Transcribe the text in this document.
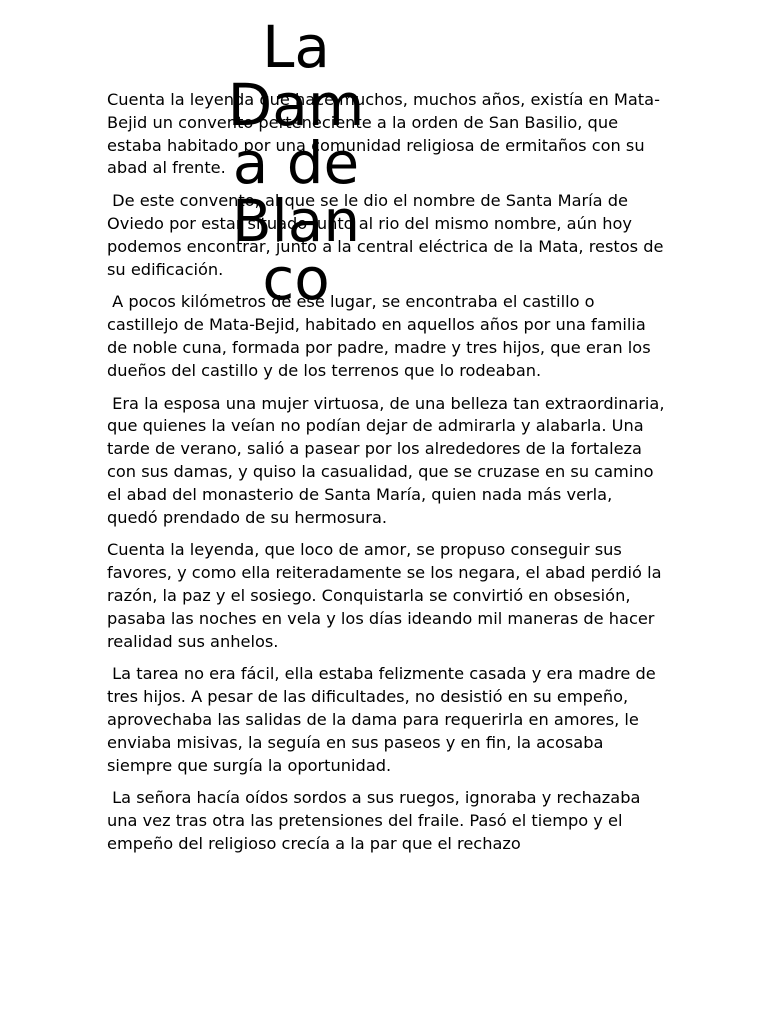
La
Dam
a de
Blan
co

Cuenta la leyenda que hace muchos, muchos años, existía en Mata-Bejid un convento perteneciente a la orden de San Basilio, que estaba habitado por una comunidad religiosa de ermitaños con su abad al frente.

De este convento, al que se le dio el nombre de Santa María de Oviedo por estar situado junto al rio del mismo nombre, aún hoy podemos encontrar, junto a la central eléctrica de la Mata, restos de su edificación.

A pocos kilómetros de ese lugar, se encontraba el castillo o castillejo de Mata-Bejid, habitado en aquellos años por una familia de noble cuna, formada por padre, madre y tres hijos, que eran los dueños del castillo y de los terrenos que lo rodeaban.

Era la esposa una mujer virtuosa, de una belleza tan extraordinaria, que quienes la veían no podían dejar de admirarla y alabarla. Una tarde de verano, salió a pasear por los alrededores de la fortaleza con sus damas, y quiso la casualidad, que se cruzase en su camino el abad del monasterio de Santa María, quien nada más verla, quedó prendado de su hermosura.

Cuenta la leyenda, que loco de amor, se propuso conseguir sus favores, y como ella reiteradamente se los negara, el abad perdió la razón, la paz y el sosiego. Conquistarla se convirtió en obsesión, pasaba las noches en vela y los días ideando mil maneras de hacer realidad sus anhelos.

La tarea no era fácil, ella estaba felizmente casada y era madre de tres hijos. A pesar de las dificultades, no desistió en su empeño, aprovechaba las salidas de la dama para requerirla en amores, le enviaba misivas, la seguía en sus paseos y en fin, la acosaba siempre que surgía la oportunidad.

La señora hacía oídos sordos a sus ruegos, ignoraba y rechazaba una vez tras otra las pretensiones del fraile. Pasó el tiempo y el empeño del religioso crecía a la par que el rechazo
